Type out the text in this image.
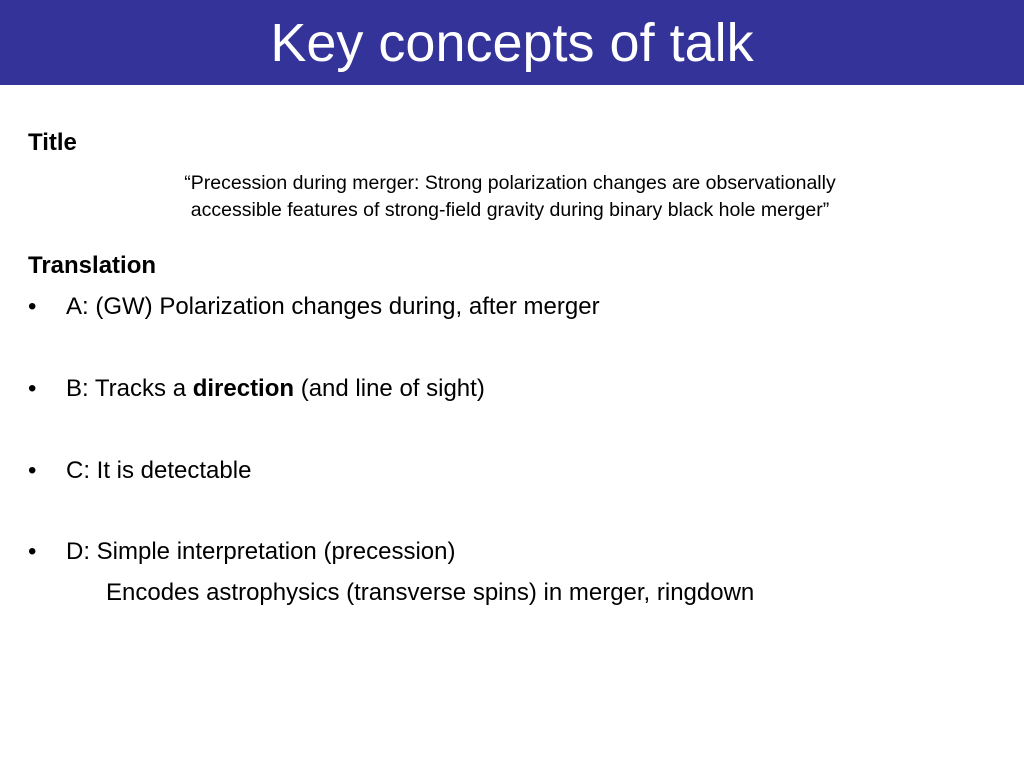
Key concepts of talk
Title
“Precession during merger: Strong polarization changes are observationally
accessible features of strong-field gravity during binary black hole merger”
Translation
• A: (GW) Polarization changes during, after merger
• B: Tracks a direction (and line of sight)
• C: It is detectable
• D: Simple interpretation (precession)
Encodes astrophysics (transverse spins) in merger, ringdown
